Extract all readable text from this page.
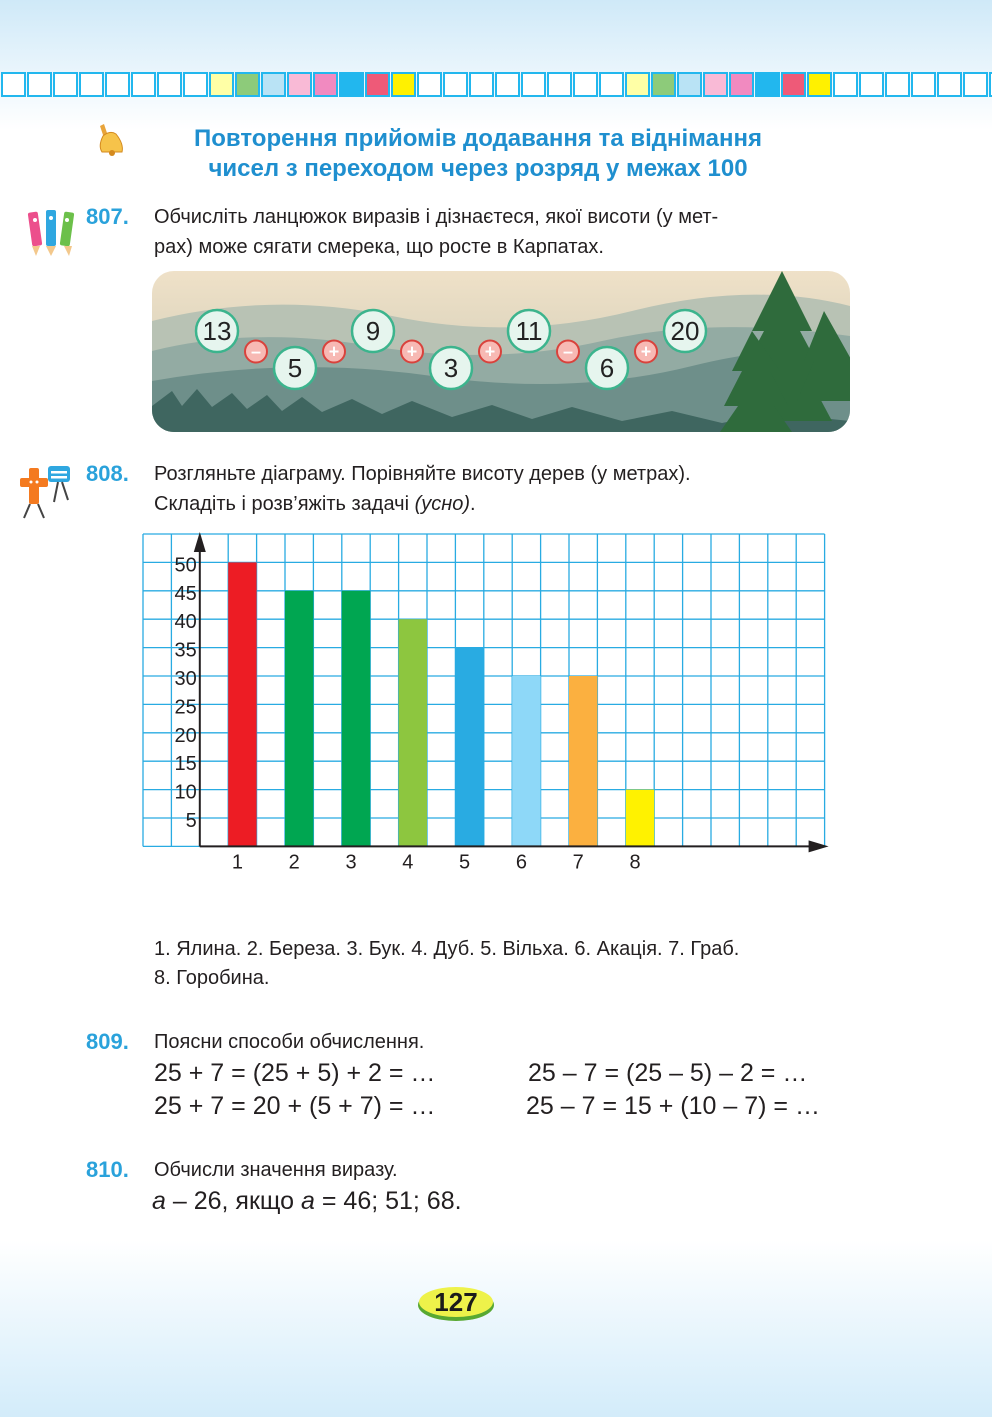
Повторення прийомів додавання та віднімання
чисел з переходом через розряд у межах 100
807. Обчисліть ланцюжок виразів і дізнаєтеся, якої висоти (у мет-
рах) може сягати смерека, що росте в Карпатах.
13
5
9
3
11
6
20
–	+	+	+	–	+
808. Розгляньте діаграму. Порівняйте висоту дерев (у метрах).
Складіть і розв’яжіть задачі (усно).
5
10
15
20
25
30
35
40
45
50
1 2 3 4 5 6 7 8
1. Ялина. 2. Береза. 3. Бук. 4. Дуб. 5. Вільха. 6. Акація. 7. Граб.
8. Горобина.
809. Поясни способи обчислення.
25 + 7 = (25 + 5) + 2 = …	25 – 7 = (25 – 5) – 2 = …
25 + 7 = 20 + (5 + 7) = …	25 – 7 = 15 + (10 – 7) = …
810. Обчисли значення виразу.
а – 26, якщо а = 46; 51; 68.
127
